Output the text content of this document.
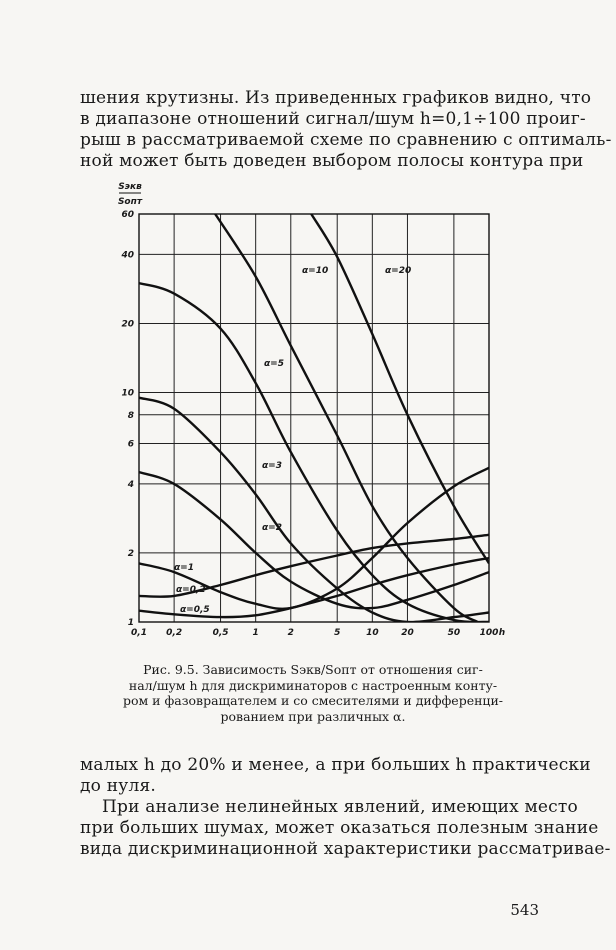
шения крутизны. Из приведенных графиков видно, что
в диапазоне отношений сигнал/шум h=0,1÷100 проиг-
рыш в рассматриваемой схеме по сравнению с оптималь-
ной может быть доведен выбором полосы контура при
0,1 0,2	0,5	1	2	5	10	20	50 100
1
2
4
6
8
10
20
40
60
h
Sэкв
Sопт
α=10	α=20
α=5
α=3
α=2
α=1
α=0,2
α=0,5
Рис. 9.5. Зависимость Sэкв/Sопт от отношения сиг-
нал/шум h для дискриминаторов с настроенным конту-
ром и фазовращателем и со смесителями и дифференци-
рованием при различных α.
малых h до 20% и менее, а при больших h практически
до нуля.
При анализе нелинейных явлений, имеющих место
при больших шумах, может оказаться полезным знание
вида дискриминационной характеристики рассматривае-
543
